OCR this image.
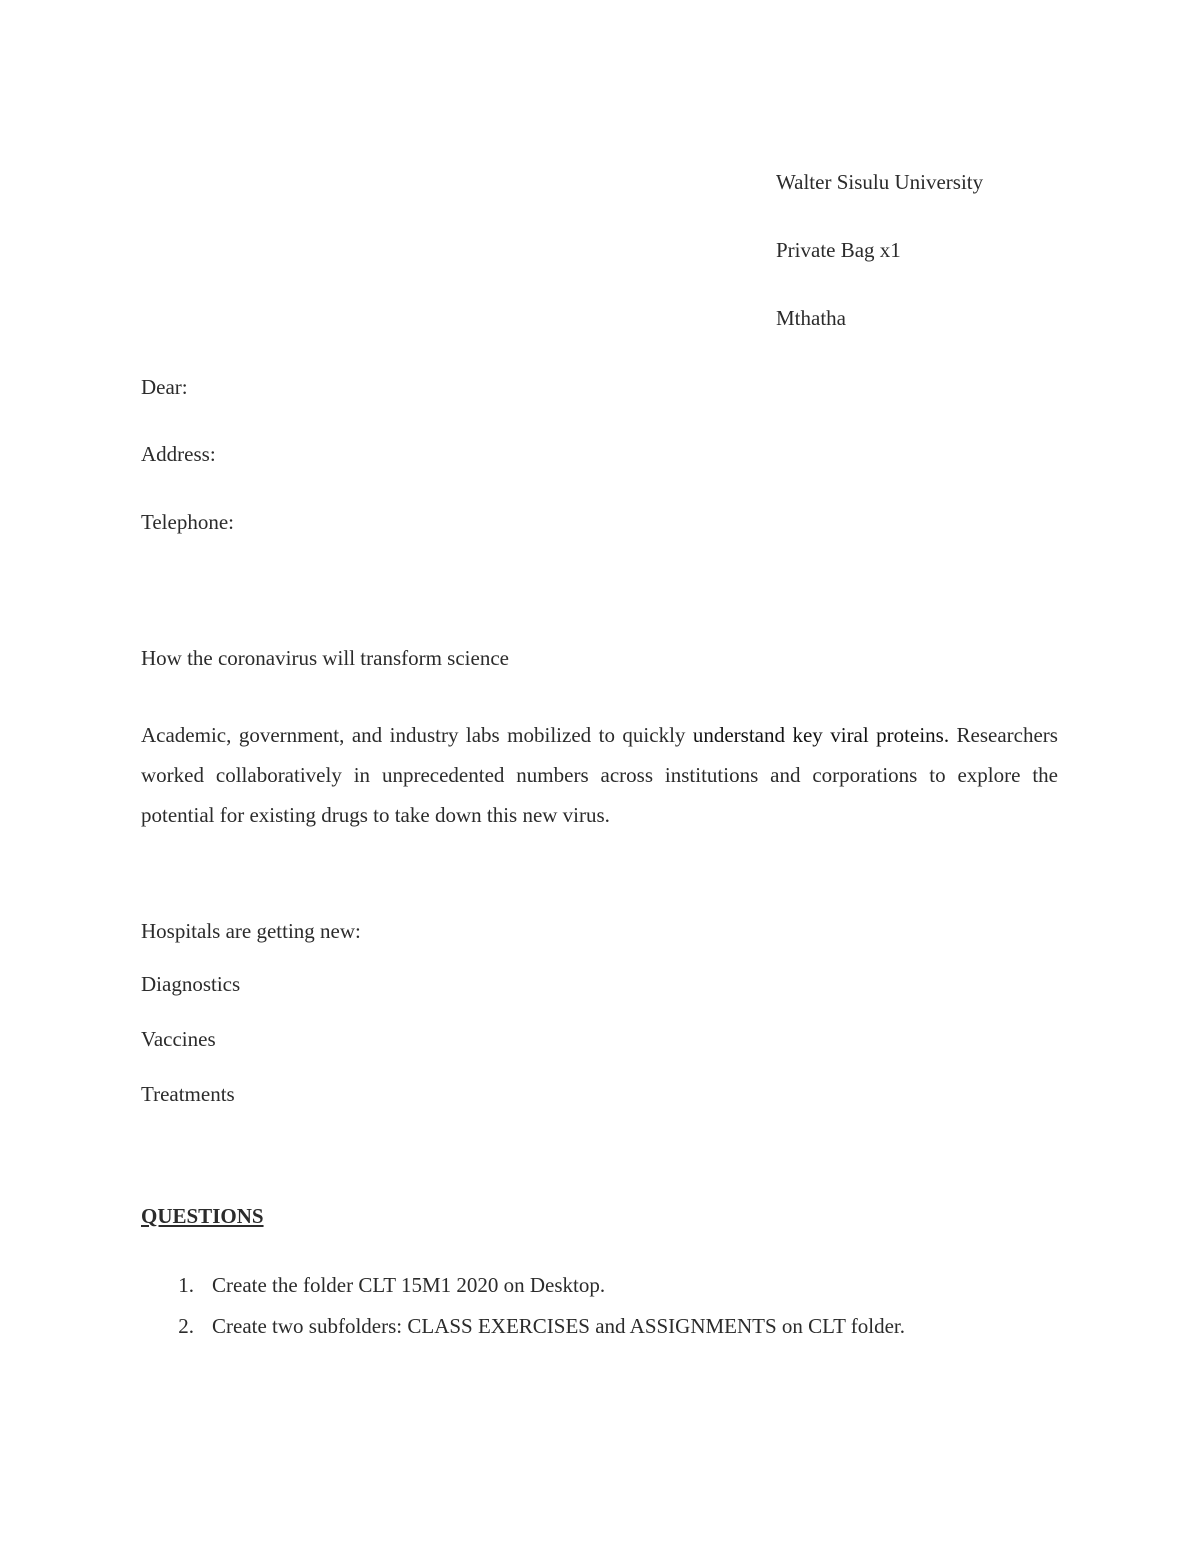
Walter Sisulu University
Private Bag x1
Mthatha
Dear:
Address:
Telephone:
How the coronavirus will transform science
Academic, government, and industry labs mobilized to quickly understand key viral proteins. Researchers worked collaboratively in unprecedented numbers across institutions and corporations to explore the potential for existing drugs to take down this new virus.
Hospitals are getting new:
Diagnostics
Vaccines
Treatments
QUESTIONS
1. Create the folder CLT 15M1 2020 on Desktop.
2. Create two subfolders: CLASS EXERCISES and ASSIGNMENTS on CLT folder.
